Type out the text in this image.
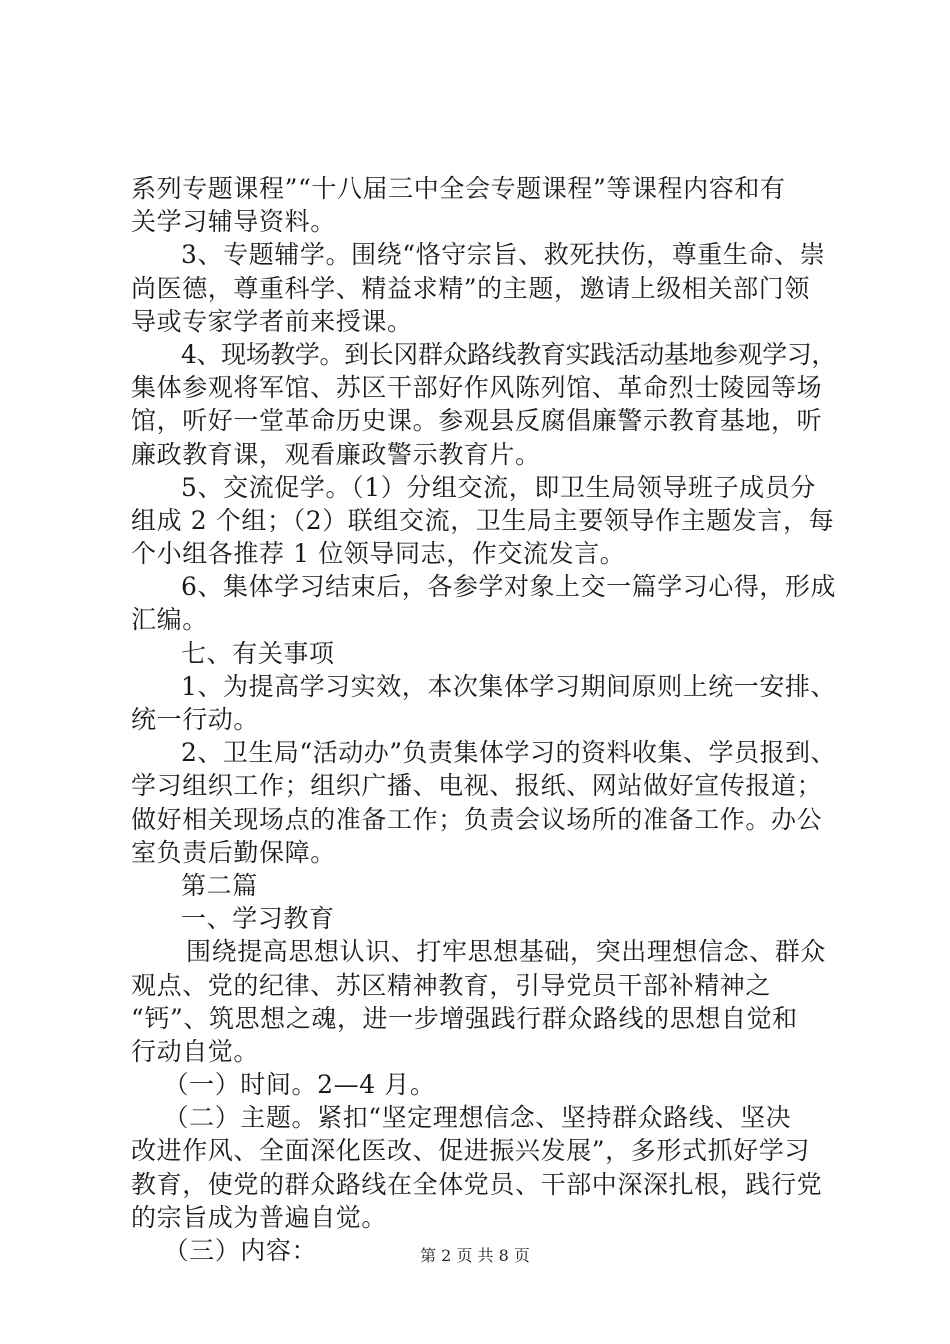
系列专题课程”“十八届三中全会专题课程”等课程内容和有
关学习辅导资料。
3、专题辅学。围绕“恪守宗旨、救死扶伤，尊重生命、崇
尚医德，尊重科学、精益求精”的主题，邀请上级相关部门领
导或专家学者前来授课。
4、现场教学。到长冈群众路线教育实践活动基地参观学习，
集体参观将军馆、苏区干部好作风陈列馆、革命烈士陵园等场
馆，听好一堂革命历史课。参观县反腐倡廉警示教育基地，听
廉政教育课，观看廉政警示教育片。
5、交流促学。（1）分组交流，即卫生局领导班子成员分
组成 2 个组；（2）联组交流，卫生局主要领导作主题发言，每
个小组各推荐 1 位领导同志，作交流发言。
6、集体学习结束后，各参学对象上交一篇学习心得，形成
汇编。
七、有关事项
1、为提高学习实效，本次集体学习期间原则上统一安排、
统一行动。
2、卫生局“活动办”负责集体学习的资料收集、学员报到、
学习组织工作；组织广播、电视、报纸、网站做好宣传报道；
做好相关现场点的准备工作；负责会议场所的准备工作。办公
室负责后勤保障。
第二篇
一、学习教育
围绕提高思想认识、打牢思想基础，突出理想信念、群众
观点、党的纪律、苏区精神教育，引导党员干部补精神之
“钙”、筑思想之魂，进一步增强践行群众路线的思想自觉和
行动自觉。
（一）时间。2—4 月。
（二）主题。紧扣“坚定理想信念、坚持群众路线、坚决
改进作风、全面深化医改、促进振兴发展”，多形式抓好学习
教育，使党的群众路线在全体党员、干部中深深扎根，践行党
的宗旨成为普遍自觉。
（三）内容：	第 2 页 共 8 页
